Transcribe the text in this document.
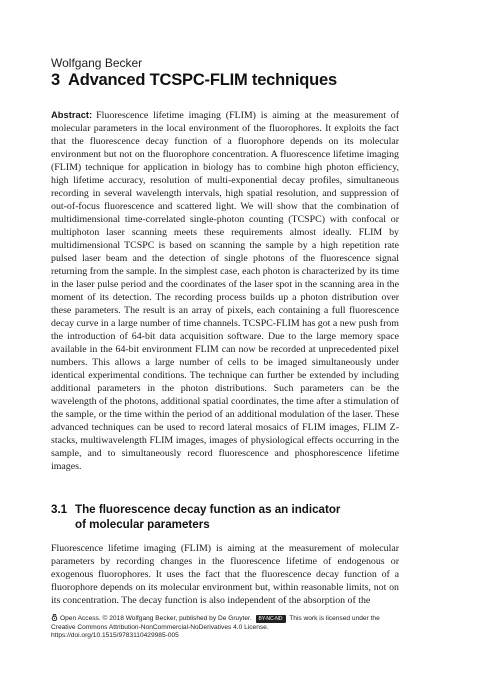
Wolfgang Becker
3 Advanced TCSPC-FLIM techniques
Abstract: Fluorescence lifetime imaging (FLIM) is aiming at the measurement of molecular parameters in the local environment of the fluorophores. It exploits the fact that the fluorescence decay function of a fluorophore depends on its molecular environment but not on the fluorophore concentration. A fluorescence lifetime imaging (FLIM) technique for application in biology has to combine high photon efficiency, high lifetime accuracy, resolution of multi-exponential decay profiles, simultaneous recording in several wavelength intervals, high spatial resolution, and suppression of out-of-focus fluorescence and scattered light. We will show that the combination of multidimensional time-correlated single-photon counting (TCSPC) with confocal or multiphoton laser scanning meets these requirements almost ideally. FLIM by multidimensional TCSPC is based on scanning the sample by a high repetition rate pulsed laser beam and the detection of single photons of the fluorescence signal returning from the sample. In the simplest case, each photon is characterized by its time in the laser pulse period and the coordinates of the laser spot in the scanning area in the moment of its detection. The recording process builds up a photon distribution over these parameters. The result is an array of pixels, each containing a full fluorescence decay curve in a large number of time channels. TCSPC-FLIM has got a new push from the introduction of 64-bit data acquisition software. Due to the large memory space available in the 64-bit environment FLIM can now be recorded at unprecedented pixel numbers. This allows a large number of cells to be imaged simultaneously under identical experimental conditions. The technique can further be extended by including additional parameters in the photon distributions. Such parameters can be the wavelength of the photons, additional spatial coordinates, the time after a stimulation of the sample, or the time within the period of an additional modulation of the laser. These advanced techniques can be used to record lateral mosaics of FLIM images, FLIM Z-stacks, multiwavelength FLIM images, images of physiological effects occurring in the sample, and to simultaneously record fluorescence and phosphorescence lifetime images.
3.1 The fluorescence decay function as an indicator
of molecular parameters
Fluorescence lifetime imaging (FLIM) is aiming at the measurement of molecular parameters by recording changes in the fluorescence lifetime of endogenous or exogenous fluorophores. It uses the fact that the fluorescence decay function of a fluorophore depends on its molecular environment but, within reasonable limits, not on its concentration. The decay function is also independent of the absorption of the
Open Access. © 2018 Wolfgang Becker, published by De Gruyter. BY-NC-ND This work is licensed under the
Creative Commons Attribution-NonCommercial-NoDerivatives 4.0 License.
https://doi.org/10.1515/9783110429985-005
